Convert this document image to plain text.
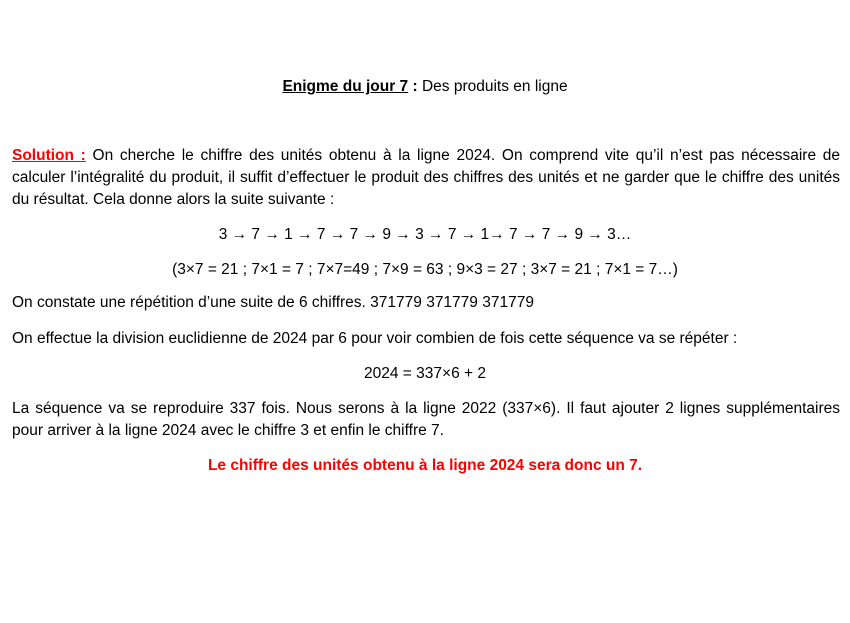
Enigme du jour 7 : Des produits en ligne
Solution : On cherche le chiffre des unités obtenu à la ligne 2024. On comprend vite qu’il n’est pas nécessaire de calculer l’intégralité du produit, il suffit d’effectuer le produit des chiffres des unités et ne garder que le chiffre des unités du résultat. Cela donne alors la suite suivante :
3 → 7 → 1 → 7 → 7 → 9 → 3 → 7 → 1→ 7 → 7 → 9 → 3…
(3×7 = 21 ; 7×1 = 7 ; 7×7=49 ; 7×9 = 63 ; 9×3 = 27 ; 3×7 = 21 ; 7×1 = 7…)
On constate une répétition d’une suite de 6 chiffres. 371779 371779 371779
On effectue la division euclidienne de 2024 par 6 pour voir combien de fois cette séquence va se répéter :
2024 = 337×6 + 2
La séquence va se reproduire 337 fois. Nous serons à la ligne 2022 (337×6). Il faut ajouter 2 lignes supplémentaires pour arriver à la ligne 2024 avec le chiffre 3 et enfin le chiffre 7.
Le chiffre des unités obtenu à la ligne 2024 sera donc un 7.
